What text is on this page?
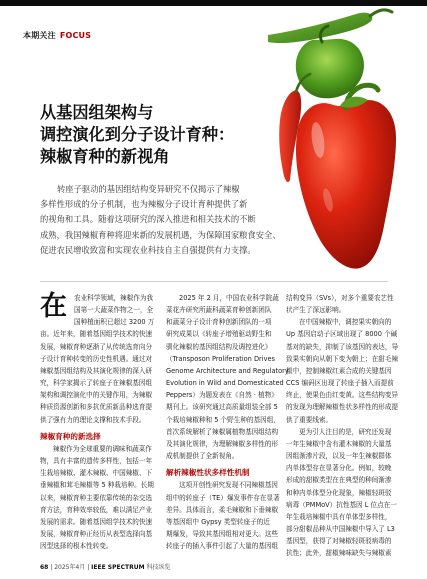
本期关注 FOCUS
从基因组架构与
调控演化到分子设计育种：
辣椒育种的新视角
转座子驱动的基因组结构变异研究不仅揭示了辣椒
多样性形成的分子机制，也为辣椒分子设计育种提供了新
的视角和工具。随着这项研究的深入推进和相关技术的不断
成熟，我国辣椒育种将迎来新的发展机遇，为保障国家粮食安全、
促进农民增收致富和实现农业科技自主自强提供有力支撑。
在	农业科学领域，辣椒作为我
国第一大蔬菜作物之一，全
国种植面积已超过 3200 万
亩。近年来，随着基因组学技术的快速
发展，辣椒育种逐渐了从传统选育向分
子设计育种转变的历史性机遇。通过对
辣椒基因组结构及其演化规律的深入研
究，科学家揭示了转座子在辣椒基因组
架构和调控演化中的关键作用，为辣椒
种质资源创新和多抗优质新品种选育提
供了强有力的理论支撑和技术手段。
辣椒育种的新选择
辣椒作为全球重要的调味和蔬菜作
物，具有丰富的遗传多样性，包括一年
生栽培辣椒、灌木辣椒、中国辣椒、下
垂辣椒和茸毛辣椒等 5 种栽培种。长期
以来，辣椒育种主要依靠传统的杂交选
育方法，育种效率较低，难以满足产业
发展的需求。随着基因组学技术的快速
发展，辣椒育种正经历从表型选择向基
因型选择的根本性转变。
2025 年 2 月，中国农业科学院蔬
菜花卉研究所蔬科蔬菜育种创新团队
和蔬菜分子设计育种创新团队的一项
研究成果以《转座子增殖驱动野生和
驯化辣椒的基因组结构及调控进化》
（Transposon Proliferation Drives
Genome Architecture and Regulatory
Evolution in Wild and Domesticated
Peppers）为题发表在《自然 · 植物》
期刊上。该研究通过高质量组装全部 5
个栽培辣椒种和 5 个野生种的基因组，
首次系统解析了辣椒属植物基因组结构
及其演化规律，为理解辣椒多样性的形
成机制提供了全新视角。
解析辣椒性状多样性机制
这项开创性研究发现不同辣椒基因
组中的转座子（TE）爆发事件存在显著
差异。具体而言，柔毛辣椒和下垂辣椒
等基因组中 Gypsy 类型转座子的近
期爆发，导致其基因组相对更大。这些
转座子的插入事件引起了大量的基因组
结构变异（SVs），对多个重要农艺性
状产生了深远影响。
在中国辣椒中，调控果实朝向的
Up 基因启动子区域出现了 8000 个碱
基对的缺失，抑制了该基因的表达，导
致果实朝向从朝下变为朝上；在甜毛辣
椒中，控制辣椒红素合成的关键基因
CCS 编码区出现了转座子插入而提前
终止，使果色由红变黄。这些结构变异
的发现为理解辣椒性状多样性的形成提
供了重要线索。
更为引人注目的是，研究还发现
一年生辣椒中含有灌木辣椒的大量基
因组渐渗片段，以及一年生辣椒群体
内单体型存在显著分化。例如，较晚
形成的甜椒类型在在典型的种间渐渗
和种内单体型分化现象，辣椒轻斑驳
病毒（PMMoV）抗性基因 L 位点在一
年生栽培辣椒中具有单体型多样性，
部分甜椒品种从中国辣椒中导入了 L3
基因型，获得了对辣椒轻斑驳病毒的
抗性；此外，甜椒辣味缺失与辣椒素
68 | 2025年4月 | IEEE SPECTRUM 科技纵览
